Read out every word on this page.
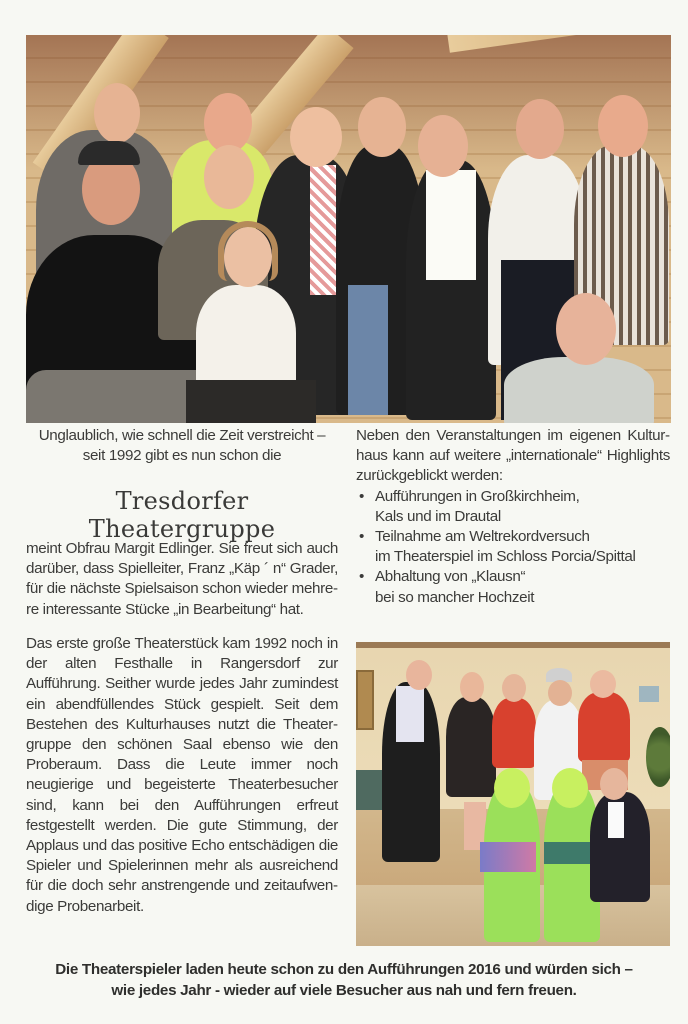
Unglaublich, wie schnell die Zeit verstreicht –
seit 1992 gibt es nun schon die
Tresdorfer Theatergruppe

meint Obfrau Margit Edlinger. Sie freut sich auch darüber, dass Spielleiter, Franz „Käp ´ n“ Grader, für die nächste Spielsaison schon wieder mehrere interessante Stücke „in Bearbeitung“ hat.

Das erste große Theaterstück kam 1992 noch in der alten Festhalle in Rangersdorf zur Aufführung. Seither wurde jedes Jahr zumindest ein abendfüllendes Stück gespielt. Seit dem Bestehen des Kulturhauses nutzt die Theatergruppe den schönen Saal ebenso wie den Proberaum. Dass die Leute immer noch neugierige und begeisterte Theaterbesucher sind, kann bei den Aufführungen erfreut festgestellt werden. Die gute Stimmung, der Applaus und das positive Echo entschädigen die Spieler und Spielerinnen mehr als ausreichend für die doch sehr anstrengende und zeitaufwendige Probenarbeit.

Neben den Veranstaltungen im eigenen Kulturhaus kann auf weitere „internationale“ Highlights zurückgeblickt werden:

• Aufführungen in Großkirchheim,
Kals und im Drautal
• Teilnahme am Weltrekordversuch
im Theaterspiel im Schloss Porcia/Spittal
• Abhaltung von „Klausn“
bei so mancher Hochzeit
Die Theaterspieler laden heute schon zu den Aufführungen 2016 und würden sich –
wie jedes Jahr - wieder auf viele Besucher aus nah und fern freuen.
